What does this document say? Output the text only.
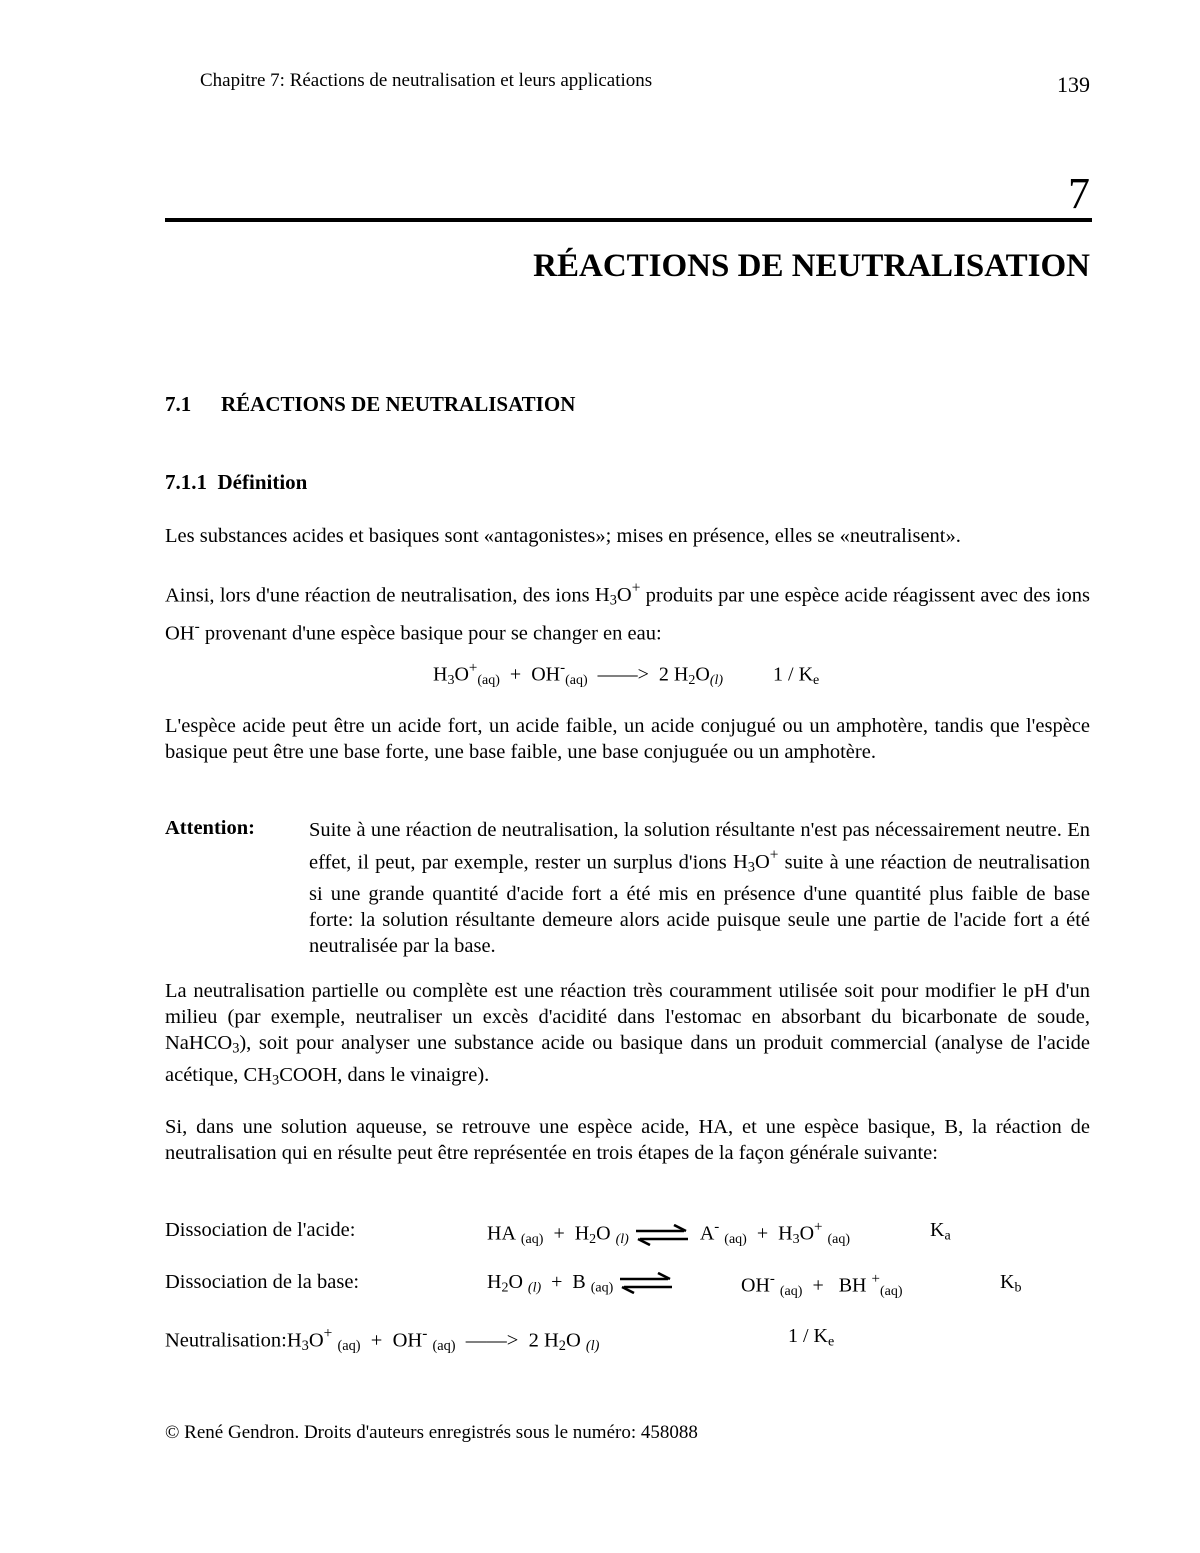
Chapitre 7: Réactions de neutralisation et leurs applications	139
7
RÉACTIONS DE NEUTRALISATION
7.1 RÉACTIONS DE NEUTRALISATION
7.1.1 Définition
Les substances acides et basiques sont «antagonistes»; mises en présence, elles se «neutralisent».
Ainsi, lors d'une réaction de neutralisation, des ions $H_3O^+$ produits par une espèce acide réagissent avec des ions OH- provenant d'une espèce basique pour se changer en eau:
$H_3O^+_{(aq)} + OH^-_{(aq)}$ ——> 2 $H_2O_{(l)}$	$1 / K_e$
L'espèce acide peut être un acide fort, un acide faible, un acide conjugué ou un amphotère, tandis que l'espèce basique peut être une base forte, une base faible, une base conjuguée ou un amphotère.
Attention:	Suite à une réaction de neutralisation, la solution résultante n'est pas nécessairement neutre. En effet, il peut, par exemple, rester un surplus d'ions $H_3O^+$ suite à une réaction de neutralisation si une grande quantité d'acide fort a été mis en présence d'une quantité plus faible de base forte: la solution résultante demeure alors acide puisque seule une partie de l'acide fort a été neutralisée par la base.
La neutralisation partielle ou complète est une réaction très couramment utilisée soit pour modifier le pH d'un milieu (par exemple, neutraliser un excès d'acidité dans l'estomac en absorbant du bicarbonate de soude, NaHCO$_3$), soit pour analyser une substance acide ou basique dans un produit commercial (analyse de l'acide acétique, $CH_3COOH$, dans le vinaigre).
Si, dans une solution aqueuse, se retrouve une espèce acide, HA, et une espèce basique, B, la réaction de neutralisation qui en résulte peut être représentée en trois étapes de la façon générale suivante:
Dissociation de l'acide:	HA $_{(aq)} + H_2O$ $_{(l)}$ ⇌ A- $_{(aq)} + H_3O^+$ $_{(aq)}$	$K_a$
Dissociation de la base:	$H_2O$ $_{(l)}$ + B $_{(aq)}$ ⇌	OH- $_{(aq)}$ + BH +$_{(aq)}$	$K_b$
$Neutralisation:H_3O^+$ $_{(aq)}$ + OH- $_{(aq)}$ ——> 2 $H_2O$ $_{(l)}$	$1 / K_e$
© René Gendron. Droits d'auteurs enregistrés sous le numéro: 458088
